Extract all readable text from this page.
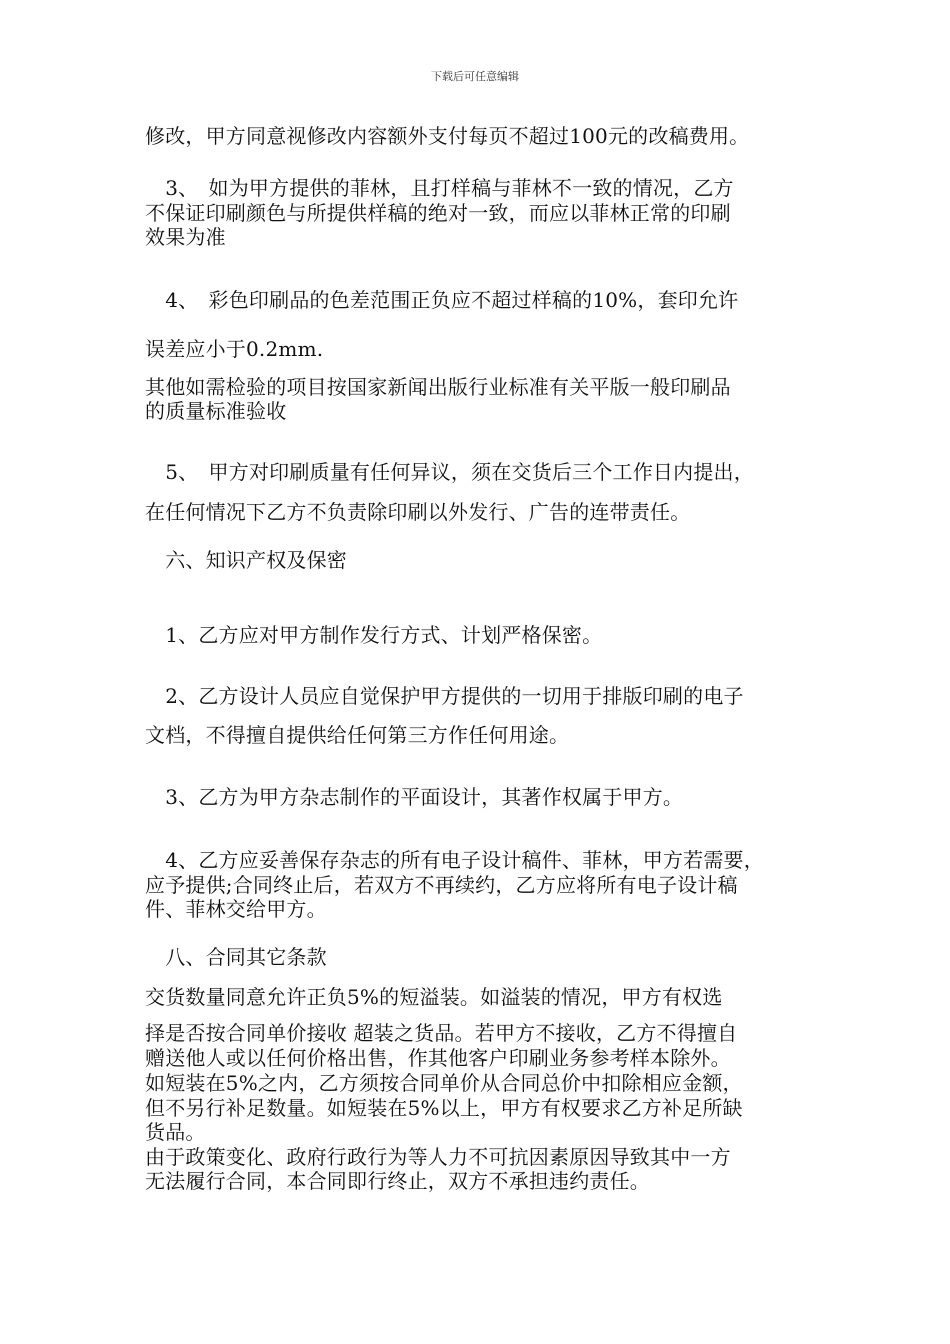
下载后可任意编辑
修改，甲方同意视修改内容额外支付每页不超过100元的改稿费用。
　3、　如为甲方提供的菲林，且打样稿与菲林不一致的情况，乙方
不保证印刷颜色与所提供样稿的绝对一致，而应以菲林正常的印刷
效果为准
　4、　彩色印刷品的色差范围正负应不超过样稿的10%，套印允许
误差应小于0.2mm.
其他如需检验的项目按国家新闻出版行业标准有关平版一般印刷品
的质量标准验收
　5、　甲方对印刷质量有任何异议，须在交货后三个工作日内提出，
在任何情况下乙方不负责除印刷以外发行、广告的连带责任。
　六、知识产权及保密
　1、乙方应对甲方制作发行方式、计划严格保密。
　2、乙方设计人员应自觉保护甲方提供的一切用于排版印刷的电子
文档，不得擅自提供给任何第三方作任何用途。
　3、乙方为甲方杂志制作的平面设计，其著作权属于甲方。
　4、乙方应妥善保存杂志的所有电子设计稿件、菲林，甲方若需要，
应予提供;合同终止后，若双方不再续约，乙方应将所有电子设计稿
件、菲林交给甲方。
　八、合同其它条款
交货数量同意允许正负5%的短溢装。如溢装的情况，甲方有权选
择是否按合同单价接收 超装之货品。若甲方不接收，乙方不得擅自
赠送他人或以任何价格出售，作其他客户印刷业务参考样本除外。
如短装在5%之内，乙方须按合同单价从合同总价中扣除相应金额，
但不另行补足数量。如短装在5%以上，甲方有权要求乙方补足所缺
货品。
由于政策变化、政府行政行为等人力不可抗因素原因导致其中一方
无法履行合同，本合同即行终止，双方不承担违约责任。
